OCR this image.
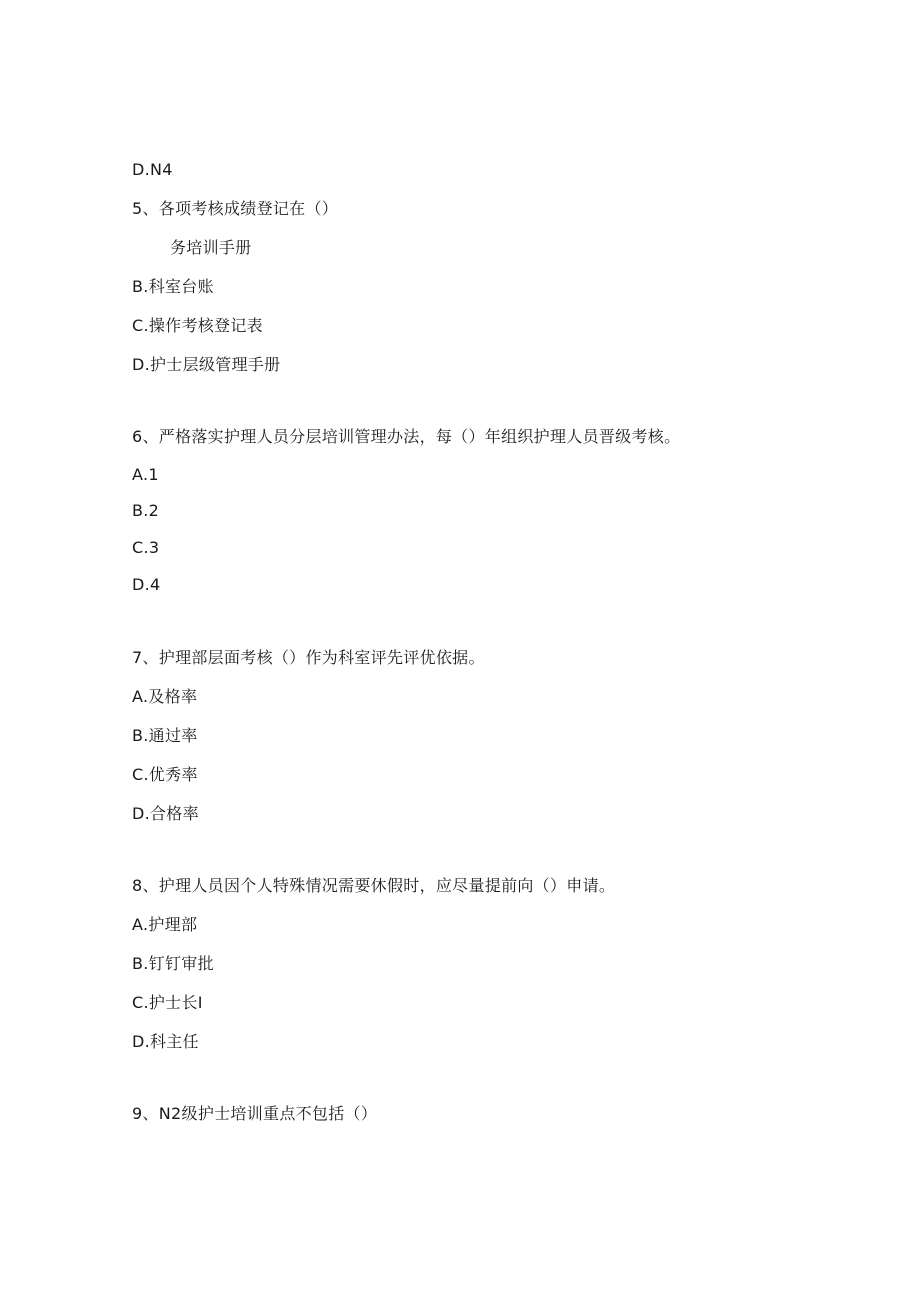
D.N4
5、各项考核成绩登记在（）
务培训手册
B.科室台账
C.操作考核登记表
D.护士层级管理手册
6、严格落实护理人员分层培训管理办法，每（）年组织护理人员晋级考核。
A.1
B.2
C.3
D.4
7、护理部层面考核（）作为科室评先评优依据。
A.及格率
B.通过率
C.优秀率
D.合格率
8、护理人员因个人特殊情况需要休假时，应尽量提前向（）申请。
A.护理部
B.钉钉审批
C.护士长I
D.科主任
9、N2级护士培训重点不包括（）
